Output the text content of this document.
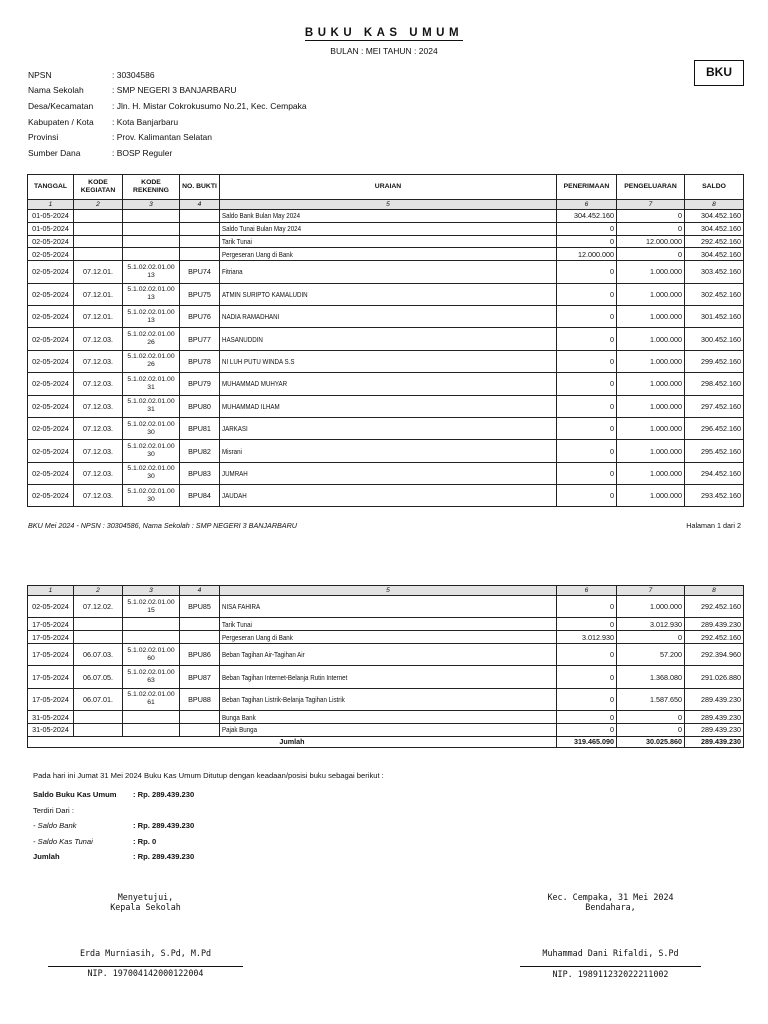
BUKU KAS UMUM
BULAN : MEI TAHUN : 2024
BKU
NPSN	: 30304586
Nama Sekolah	: SMP NEGERI 3 BANJARBARU
Desa/Kecamatan	: Jln. H. Mistar Cokrokusumo No.21, Kec. Cempaka
Kabupaten / Kota	: Kota Banjarbaru
Provinsi	: Prov. Kalimantan Selatan
Sumber Dana	: BOSP Reguler
TANGGAL	KODE KEGIATAN	KODE REKENING	NO. BUKTI	URAIAN	PENERIMAAN	PENGELUARAN	SALDO
1	2	3	4	5	6	7	8
01-05-2024				Saldo Bank Bulan May 2024	304.452.160	0	304.452.160
01-05-2024				Saldo Tunai Bulan May 2024	0	0	304.452.160
02-05-2024				Tarik Tunai	0	12.000.000	292.452.160
02-05-2024				Pergeseran Uang di Bank	12.000.000	0	304.452.160
02-05-2024	07.12.01.	5.1.02.02.01.00 13	BPU74	Fitriana	0	1.000.000	303.452.160
02-05-2024	07.12.01.	5.1.02.02.01.00 13	BPU75	ATMIN SURIPTO KAMALUDIN	0	1.000.000	302.452.160
02-05-2024	07.12.01.	5.1.02.02.01.00 13	BPU76	NADIA RAMADHANI	0	1.000.000	301.452.160
02-05-2024	07.12.03.	5.1.02.02.01.00 26	BPU77	HASANUDDIN	0	1.000.000	300.452.160
02-05-2024	07.12.03.	5.1.02.02.01.00 26	BPU78	NI LUH PUTU WINDA S.S	0	1.000.000	299.452.160
02-05-2024	07.12.03.	5.1.02.02.01.00 31	BPU79	MUHAMMAD MUHYAR	0	1.000.000	298.452.160
02-05-2024	07.12.03.	5.1.02.02.01.00 31	BPU80	MUHAMMAD ILHAM	0	1.000.000	297.452.160
02-05-2024	07.12.03.	5.1.02.02.01.00 30	BPU81	JARKASI	0	1.000.000	296.452.160
02-05-2024	07.12.03.	5.1.02.02.01.00 30	BPU82	Misrani	0	1.000.000	295.452.160
02-05-2024	07.12.03.	5.1.02.02.01.00 30	BPU83	JUMRAH	0	1.000.000	294.452.160
02-05-2024	07.12.03.	5.1.02.02.01.00 30	BPU84	JAUDAH	0	1.000.000	293.452.160
BKU Mei 2024 - NPSN : 30304586, Nama Sekolah : SMP NEGERI 3 BANJARBARU	Halaman 1 dari 2
1	2	3	4	5	6	7	8
02-05-2024	07.12.02.	5.1.02.02.01.00 15	BPU85	NISA FAHIRA	0	1.000.000	292.452.160
17-05-2024				Tarik Tunai	0	3.012.930	289.439.230
17-05-2024				Pergeseran Uang di Bank	3.012.930	0	292.452.160
17-05-2024	06.07.03.	5.1.02.02.01.00 60	BPU86	Beban Tagihan Air-Tagihan Air	0	57.200	292.394.960
17-05-2024	06.07.05.	5.1.02.02.01.00 63	BPU87	Beban Tagihan Internet-Belanja Rutin Internet	0	1.368.080	291.026.880
17-05-2024	06.07.01.	5.1.02.02.01.00 61	BPU88	Beban Tagihan Listrik-Belanja Tagihan Listrik	0	1.587.650	289.439.230
31-05-2024				Bunga Bank	0	0	289.439.230
31-05-2024				Pajak Bunga	0	0	289.439.230
Jumlah					319.465.090	30.025.860	289.439.230
Pada hari ini Jumat 31 Mei 2024 Buku Kas Umum Ditutup dengan keadaan/posisi buku sebagai berikut :
Saldo Buku Kas Umum : Rp. 289.439.230
Terdiri Dari :
- Saldo Bank	: Rp. 289.439.230
- Saldo Kas Tunai	: Rp. 0
Jumlah	: Rp. 289.439.230
Menyetujui,
Kepala Sekolah
Erda Murniasih, S.Pd, M.Pd
NIP. 197004142000122004
Kec. Cempaka, 31 Mei 2024
Bendahara,
Muhammad Dani Rifaldi, S.Pd
NIP. 198911232022211002
